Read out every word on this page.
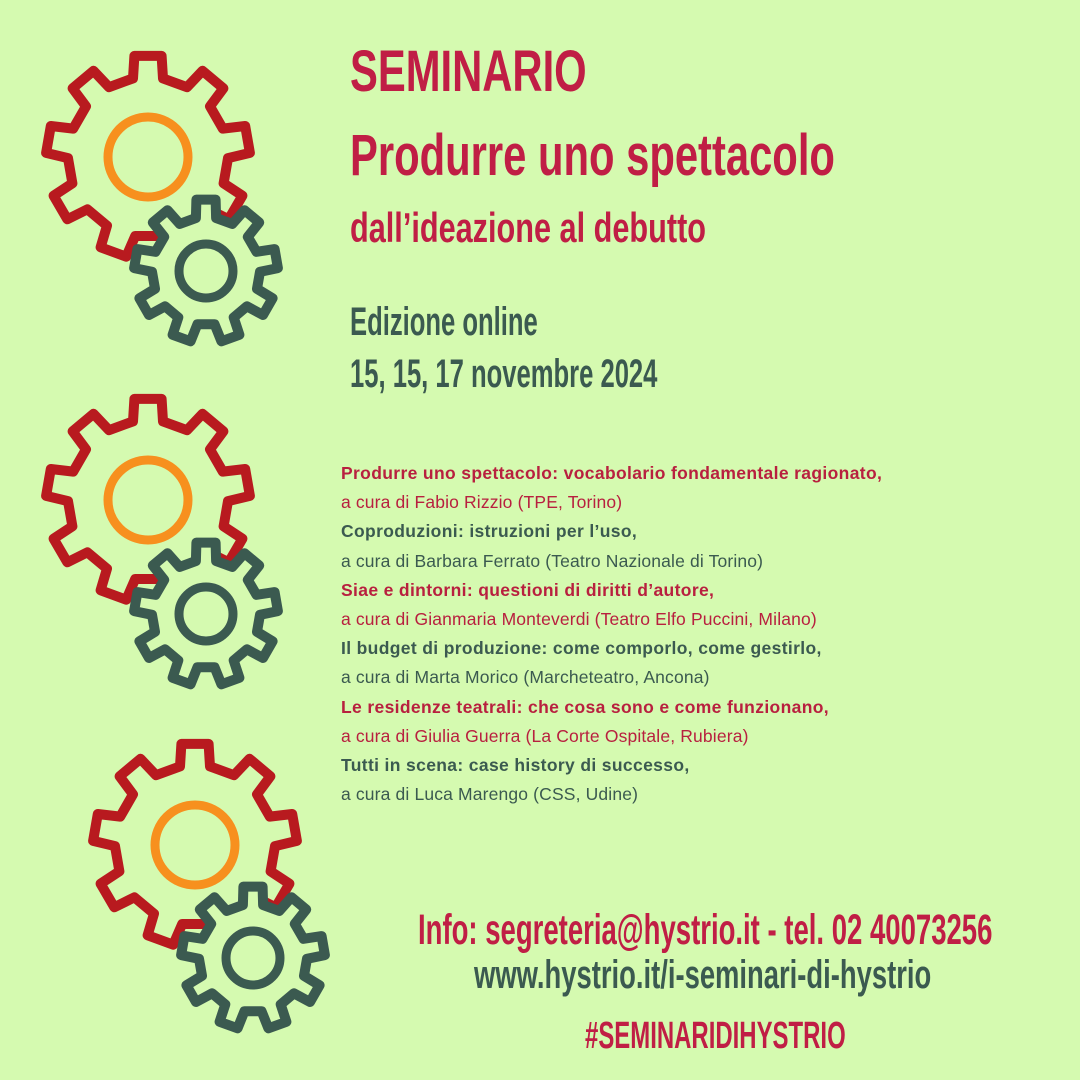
SEMINARIO
Produrre uno spettacolo
dall’ideazione al debutto
Edizione online
15, 15, 17 novembre 2024
Produrre uno spettacolo: vocabolario fondamentale ragionato,
a cura di Fabio Rizzio (TPE, Torino)
Coproduzioni: istruzioni per l’uso,
a cura di Barbara Ferrato (Teatro Nazionale di Torino)
Siae e dintorni: questioni di diritti d’autore,
a cura di Gianmaria Monteverdi (Teatro Elfo Puccini, Milano)
Il budget di produzione: come comporlo, come gestirlo,
a cura di Marta Morico (Marcheteatro, Ancona)
Le residenze teatrali: che cosa sono e come funzionano,
a cura di Giulia Guerra (La Corte Ospitale, Rubiera)
Tutti in scena: case history di successo,
a cura di Luca Marengo (CSS, Udine)
Info: segreteria@hystrio.it - tel. 02 40073256
www.hystrio.it/i-seminari-di-hystrio
#SEMINARIDIHYSTRIO
